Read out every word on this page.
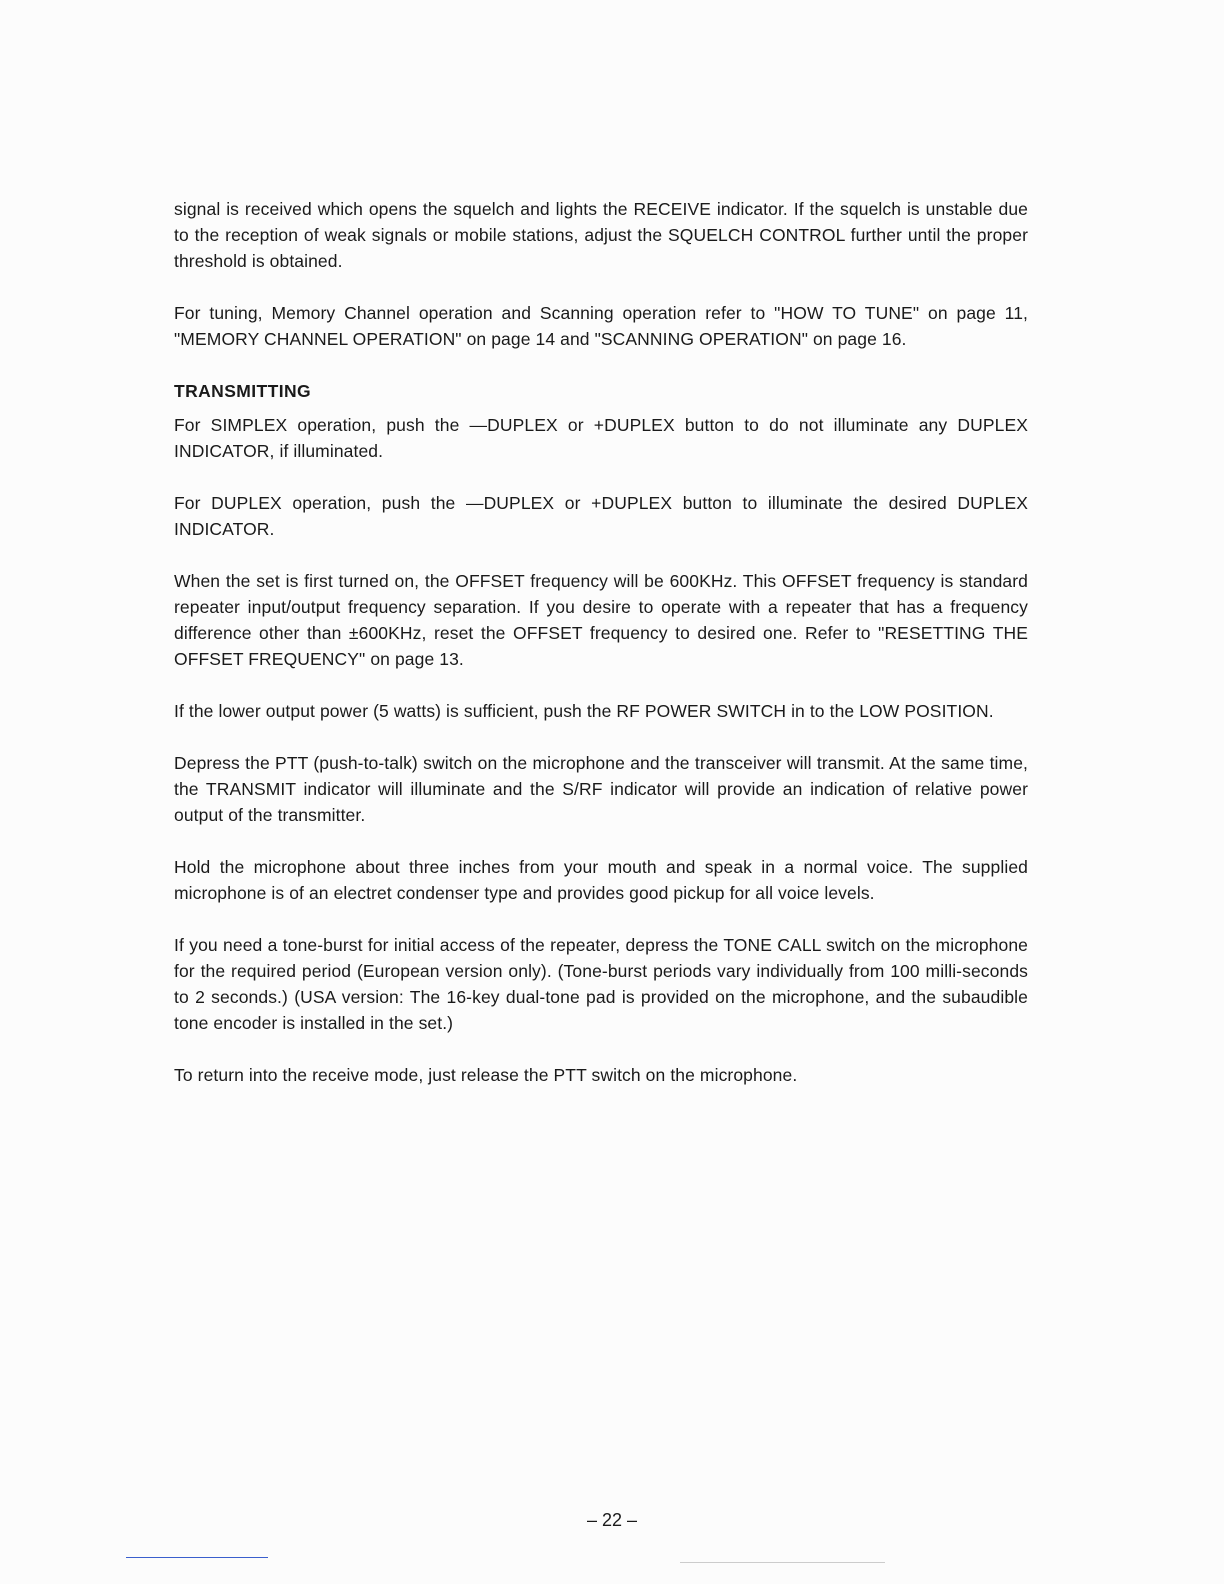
signal is received which opens the squelch and lights the RECEIVE indicator. If the squelch is unstable due to the reception of weak signals or mobile stations, adjust the SQUELCH CONTROL further until the proper threshold is obtained.

For tuning, Memory Channel operation and Scanning operation refer to "HOW TO TUNE" on page 11, "MEMORY CHANNEL OPERATION" on page 14 and "SCANNING OPERATION" on page 16.

TRANSMITTING

For SIMPLEX operation, push the —DUPLEX or +DUPLEX button to do not illuminate any DUPLEX INDICATOR, if illuminated.

For DUPLEX operation, push the —DUPLEX or +DUPLEX button to illuminate the desired DUPLEX INDICATOR.

When the set is first turned on, the OFFSET frequency will be 600KHz. This OFFSET frequency is standard repeater input/output frequency separation. If you desire to operate with a repeater that has a frequency difference other than ±600KHz, reset the OFFSET frequency to desired one. Refer to "RESETTING THE OFFSET FREQUENCY" on page 13.

If the lower output power (5 watts) is sufficient, push the RF POWER SWITCH in to the LOW POSITION.

Depress the PTT (push-to-talk) switch on the microphone and the transceiver will transmit. At the same time, the TRANSMIT indicator will illuminate and the S/RF indicator will provide an indication of relative power output of the transmitter.

Hold the microphone about three inches from your mouth and speak in a normal voice. The supplied microphone is of an electret condenser type and provides good pickup for all voice levels.

If you need a tone-burst for initial access of the repeater, depress the TONE CALL switch on the microphone for the required period (European version only). (Tone-burst periods vary individually from 100 milli-seconds to 2 seconds.) (USA version: The 16-key dual-tone pad is provided on the microphone, and the subaudible tone encoder is installed in the set.)

To return into the receive mode, just release the PTT switch on the microphone.

– 22 –
